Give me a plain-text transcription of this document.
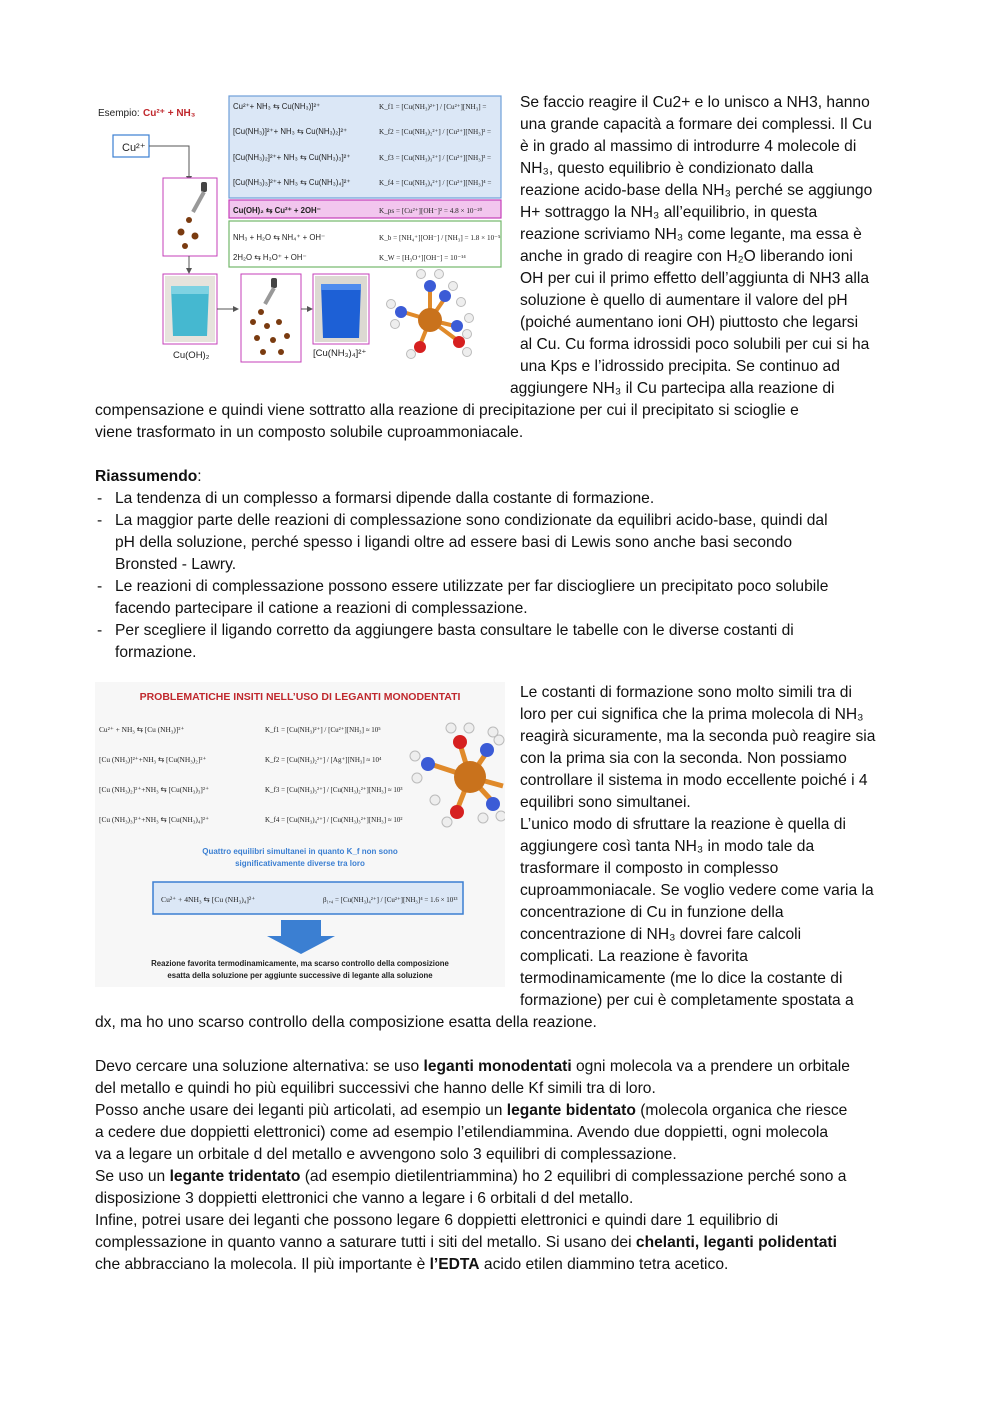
Esempio: Cu²⁺ + NH₃
Cu²⁺
Cu(OH)₂	[Cu(NH₃)₄]²⁺
Cu²⁺+ NH₃ ⇆ Cu(NH₃)]²⁺	K_f1 = [Cu(NH₃)²⁺] / [Cu²⁺][NH₃] =
[Cu(NH₃)]²⁺+ NH₃ ⇆ Cu(NH₃)₂]²⁺	K_f2 = [Cu(NH₃)₂²⁺] / [Cu²⁺][NH₃]² =
[Cu(NH₃)₂]²⁺+ NH₃ ⇆ Cu(NH₃)₃]²⁺	K_f3 = [Cu(NH₃)₃²⁺] / [Cu²⁺][NH₃]³ =
[Cu(NH₃)₃]²⁺+ NH₃ ⇆ Cu(NH₃)₄]²⁺	K_f4 = [Cu(NH₃)₄²⁺] / [Cu²⁺][NH₃]⁴ =
Cu(OH)₂ ⇆ Cu²⁺ + 2OH⁻	K_ps = [Cu²⁺][OH⁻]² = 4.8 × 10⁻²⁰
NH₃ + H₂O ⇆ NH₄⁺ + OH⁻	K_b = [NH₄⁺][OH⁻] / [NH₃] = 1.8 × 10⁻⁵
2H₂O ⇆ H₃O⁺ + OH⁻	K_W = [H₃O⁺][OH⁻] = 10⁻¹⁴
Se faccio reagire il Cu2+ e lo unisco a NH3, hanno
una grande capacità a formare dei complessi. Il Cu
è in grado al massimo di introdurre 4 molecole di
NH₃, questo equilibrio è condizionato dalla
reazione acido-base della NH₃ perché se aggiungo
H+ sottraggo la NH₃ all’equilibrio, in questa
reazione scriviamo NH₃ come legante, ma essa è
anche in grado di reagire con H₂O liberando ioni
OH per cui il primo effetto dell’aggiunta di NH3 alla
soluzione è quello di aumentare il valore del pH
(poiché aumentano ioni OH) piuttosto che legarsi
al Cu. Cu forma idrossidi poco solubili per cui si ha
una Kps e l’idrossido precipita. Se continuo ad
aggiungere NH₃ il Cu partecipa alla reazione di
compensazione e quindi viene sottratto alla reazione di precipitazione per cui il precipitato si scioglie e
viene trasformato in un composto solubile cuproammoniacale.
Riassumendo:
- La tendenza di un complesso a formarsi dipende dalla costante di formazione.
- La maggior parte delle reazioni di complessazione sono condizionate da equilibri acido-base, quindi dal
pH della soluzione, perché spesso i ligandi oltre ad essere basi di Lewis sono anche basi secondo
Bronsted - Lawry.
- Le reazioni di complessazione possono essere utilizzate per far disciogliere un precipitato poco solubile
facendo partecipare il catione a reazioni di complessazione.
- Per scegliere il ligando corretto da aggiungere basta consultare le tabelle con le diverse costanti di
formazione.
PROBLEMATICHE INSITI NELL’USO DI LEGANTI MONODENTATI
Cu²⁺ + NH₃ ⇆ [Cu (NH₃)]²⁺	K_f1 = [Cu(NH₃)²⁺] / [Cu²⁺][NH₃] ≈ 10⁵
[Cu (NH₃)]²⁺+NH₃ ⇆ [Cu(NH₃)₂]²⁺	K_f2 = [Cu(NH₃)₂²⁺] / [Ag⁺][NH₃] ≈ 10⁴
[Cu (NH₃)₂]²⁺+NH₃ ⇆ [Cu(NH₃)₃]²⁺	K_f3 = [Cu(NH₃)₃²⁺] / [Cu(NH₃)₂²⁺][NH₃] ≈ 10³
[Cu (NH₃)₃]²⁺+NH₃ ⇆ [Cu(NH₃)₄]²⁺	K_f4 = [Cu(NH₃)₄²⁺] / [Cu(NH₃)₃²⁺][NH₃] ≈ 10²
Quattro equilibri simultanei in quanto K_f non sono
significativamente diverse tra loro
Cu²⁺ + 4NH₃ ⇆ [Cu (NH₃)₄]²⁺	β₁,₄ = [Cu(NH₃)₄²⁺] / [Cu²⁺][NH₃]⁴ = 1.6 × 10¹³
Reazione favorita termodinamicamente, ma scarso controllo della composizione
esatta della soluzione per aggiunte successive di legante alla soluzione
Le costanti di formazione sono molto simili tra di
loro per cui significa che la prima molecola di NH₃
reagirà sicuramente, ma la seconda può reagire sia
con la prima sia con la seconda. Non possiamo
controllare il sistema in modo eccellente poiché i 4
equilibri sono simultanei.
L’unico modo di sfruttare la reazione è quella di
aggiungere così tanta NH₃ in modo tale da
trasformare il composto in complesso
cuproammoniacale. Se voglio vedere come varia la
concentrazione di Cu in funzione della
concentrazione di NH₃ dovrei fare calcoli
complicati. La reazione è favorita
termodinamicamente (me lo dice la costante di
formazione) per cui è completamente spostata a
dx, ma ho uno scarso controllo della composizione esatta della reazione.
Devo cercare una soluzione alternativa: se uso leganti monodentati ogni molecola va a prendere un orbitale
del metallo e quindi ho più equilibri successivi che hanno delle Kf simili tra di loro.
Posso anche usare dei leganti più articolati, ad esempio un legante bidentato (molecola organica che riesce
a cedere due doppietti elettronici) come ad esempio l’etilendiammina. Avendo due doppietti, ogni molecola
va a legare un orbitale d del metallo e avvengono solo 3 equilibri di complessazione.
Se uso un legante tridentato (ad esempio dietilentriammina) ho 2 equilibri di complessazione perché sono a
disposizione 3 doppietti elettronici che vanno a legare i 6 orbitali d del metallo.
Infine, potrei usare dei leganti che possono legare 6 doppietti elettronici e quindi dare 1 equilibrio di
complessazione in quanto vanno a saturare tutti i siti del metallo. Si usano dei chelanti, leganti polidentati
che abbracciano la molecola. Il più importante è l’EDTA acido etilen diammino tetra acetico.
